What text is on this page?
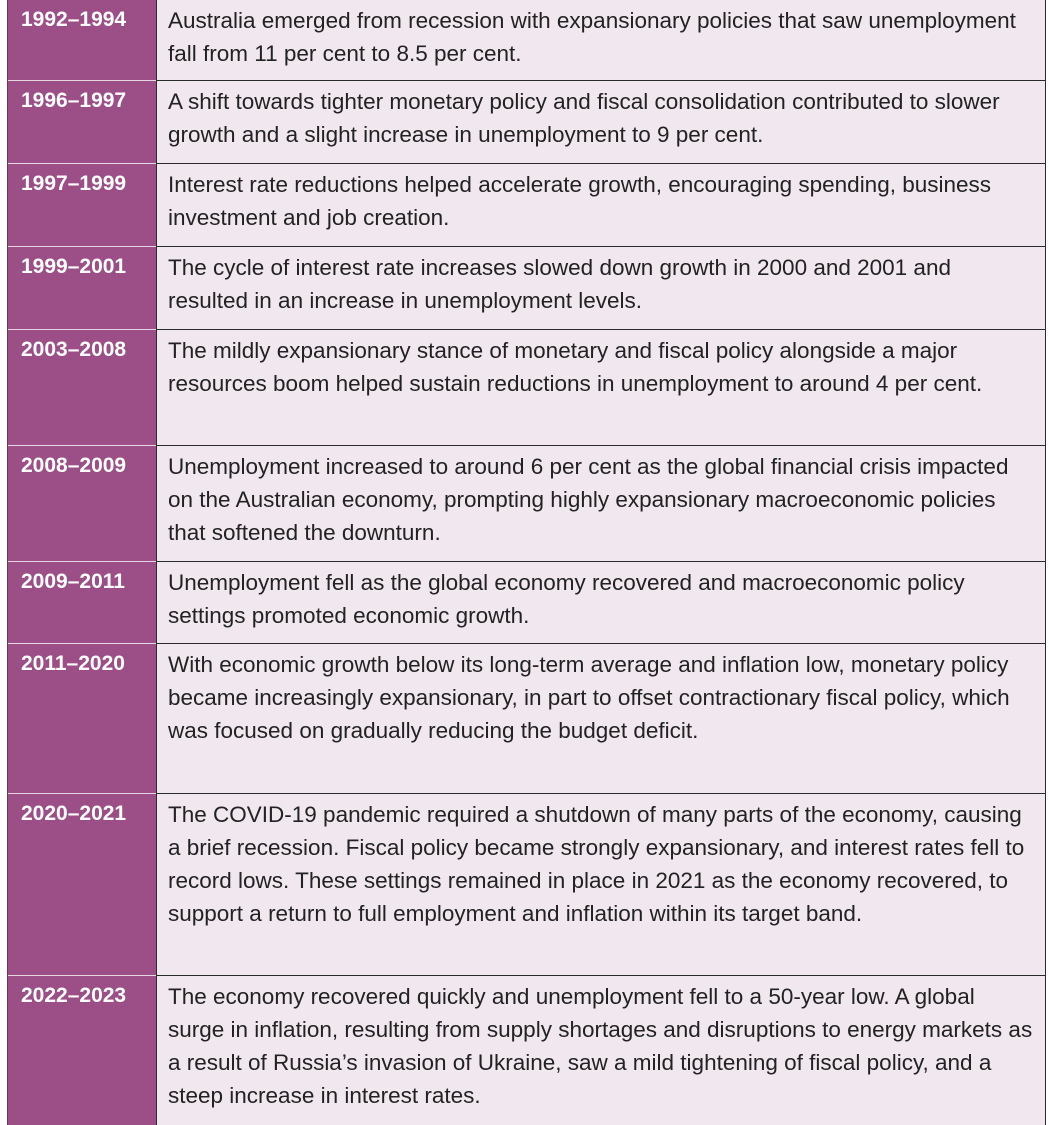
1992–1994	Australia emerged from recession with expansionary policies that saw unemployment fall from 11 per cent to 8.5 per cent.
1996–1997	A shift towards tighter monetary policy and fiscal consolidation contributed to slower growth and a slight increase in unemployment to 9 per cent.
1997–1999	Interest rate reductions helped accelerate growth, encouraging spending, business investment and job creation.
1999–2001	The cycle of interest rate increases slowed down growth in 2000 and 2001 and resulted in an increase in unemployment levels.
2003–2008	The mildly expansionary stance of monetary and fiscal policy alongside a major resources boom helped sustain reductions in unemployment to around 4 per cent.
2008–2009	Unemployment increased to around 6 per cent as the global financial crisis impacted on the Australian economy, prompting highly expansionary macroeconomic policies that softened the downturn.
2009–2011	Unemployment fell as the global economy recovered and macroeconomic policy settings promoted economic growth.
2011–2020	With economic growth below its long-term average and inflation low, monetary policy became increasingly expansionary, in part to offset contractionary fiscal policy, which was focused on gradually reducing the budget deficit.
2020–2021	The COVID-19 pandemic required a shutdown of many parts of the economy, causing a brief recession. Fiscal policy became strongly expansionary, and interest rates fell to record lows. These settings remained in place in 2021 as the economy recovered, to support a return to full employment and inflation within its target band.
2022–2023	The economy recovered quickly and unemployment fell to a 50-year low. A global surge in inflation, resulting from supply shortages and disruptions to energy markets as a result of Russia’s invasion of Ukraine, saw a mild tightening of fiscal policy, and a steep increase in interest rates.
